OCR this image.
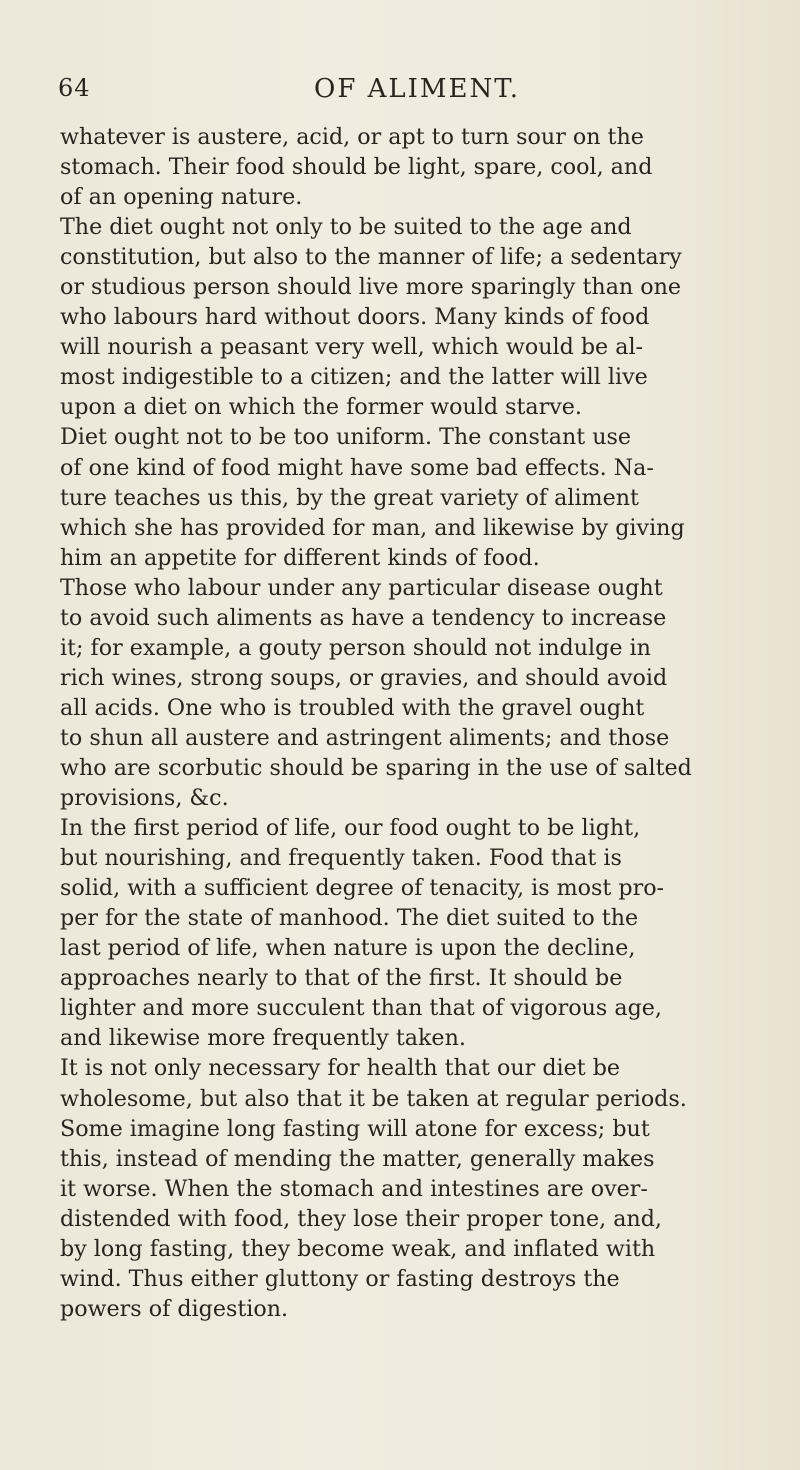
64	OF ALIMENT.
whatever is austere, acid, or apt to turn sour on the
stomach. Their food should be light, spare, cool, and
of an opening nature.
The diet ought not only to be suited to the age and
constitution, but also to the manner of life; a sedentary
or studious person should live more sparingly than one
who labours hard without doors. Many kinds of food
will nourish a peasant very well, which would be al-
most indigestible to a citizen; and the latter will live
upon a diet on which the former would starve.
Diet ought not to be too uniform. The constant use
of one kind of food might have some bad effects. Na-
ture teaches us this, by the great variety of aliment
which she has provided for man, and likewise by giving
him an appetite for different kinds of food.
Those who labour under any particular disease ought
to avoid such aliments as have a tendency to increase
it; for example, a gouty person should not indulge in
rich wines, strong soups, or gravies, and should avoid
all acids. One who is troubled with the gravel ought
to shun all austere and astringent aliments; and those
who are scorbutic should be sparing in the use of salted
provisions, &c.
In the first period of life, our food ought to be light,
but nourishing, and frequently taken. Food that is
solid, with a sufficient degree of tenacity, is most pro-
per for the state of manhood. The diet suited to the
last period of life, when nature is upon the decline,
approaches nearly to that of the first. It should be
lighter and more succulent than that of vigorous age,
and likewise more frequently taken.
It is not only necessary for health that our diet be
wholesome, but also that it be taken at regular periods.
Some imagine long fasting will atone for excess; but
this, instead of mending the matter, generally makes
it worse. When the stomach and intestines are over-
distended with food, they lose their proper tone, and,
by long fasting, they become weak, and inflated with
wind. Thus either gluttony or fasting destroys the
powers of digestion.
